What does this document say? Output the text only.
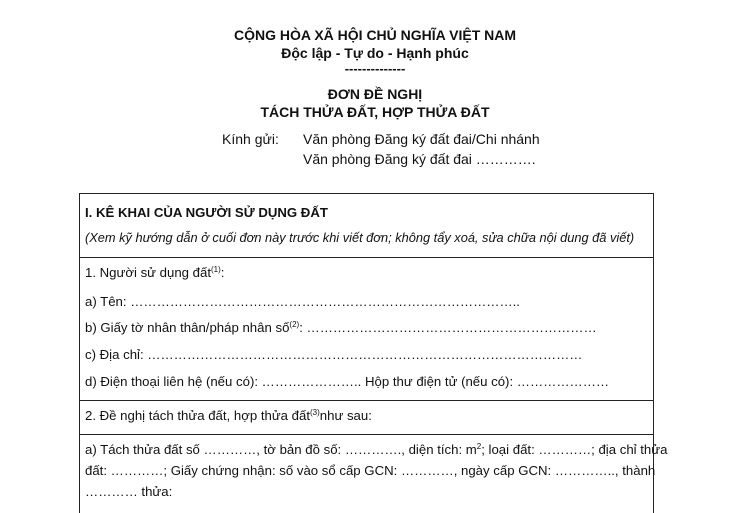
CỘNG HÒA XÃ HỘI CHỦ NGHĨA VIỆT NAM
Độc lập - Tự do - Hạnh phúc
--------------
ĐƠN ĐỀ NGHỊ
TÁCH THỬA ĐẤT, HỢP THỬA ĐẤT
Kính gửi: Văn phòng Đăng ký đất đai/Chi nhánh
Văn phòng Đăng ký đất đai ………….
I. KÊ KHAI CỦA NGƯỜI SỬ DỤNG ĐẤT
(Xem kỹ hướng dẫn ở cuối đơn này trước khi viết đơn; không tẩy xoá, sửa chữa nội dung đã viết)
1. Người sử dụng đất$^{(1)}$:
a) Tên: ……………………………………………………………………………..
b) Giấy tờ nhân thân/pháp nhân số$^{(2)}$: …………………………………………………………
c) Địa chỉ: ………………………………………………………………………………………
d) Điện thoại liên hệ (nếu có): ………………….. Hộp thư điện tử (nếu có): …………………
2. Đề nghị tách thửa đất, hợp thửa đất$^{(3)}$như sau:
a) Tách thửa đất số …………, tờ bản đồ số: …………., diện tích: $m^2$; loại đất: …………; địa chỉ thửa
đất: …………; Giấy chứng nhận: số vào sổ cấp GCN: …………, ngày cấp GCN: ………….., thành
………… thửa:
